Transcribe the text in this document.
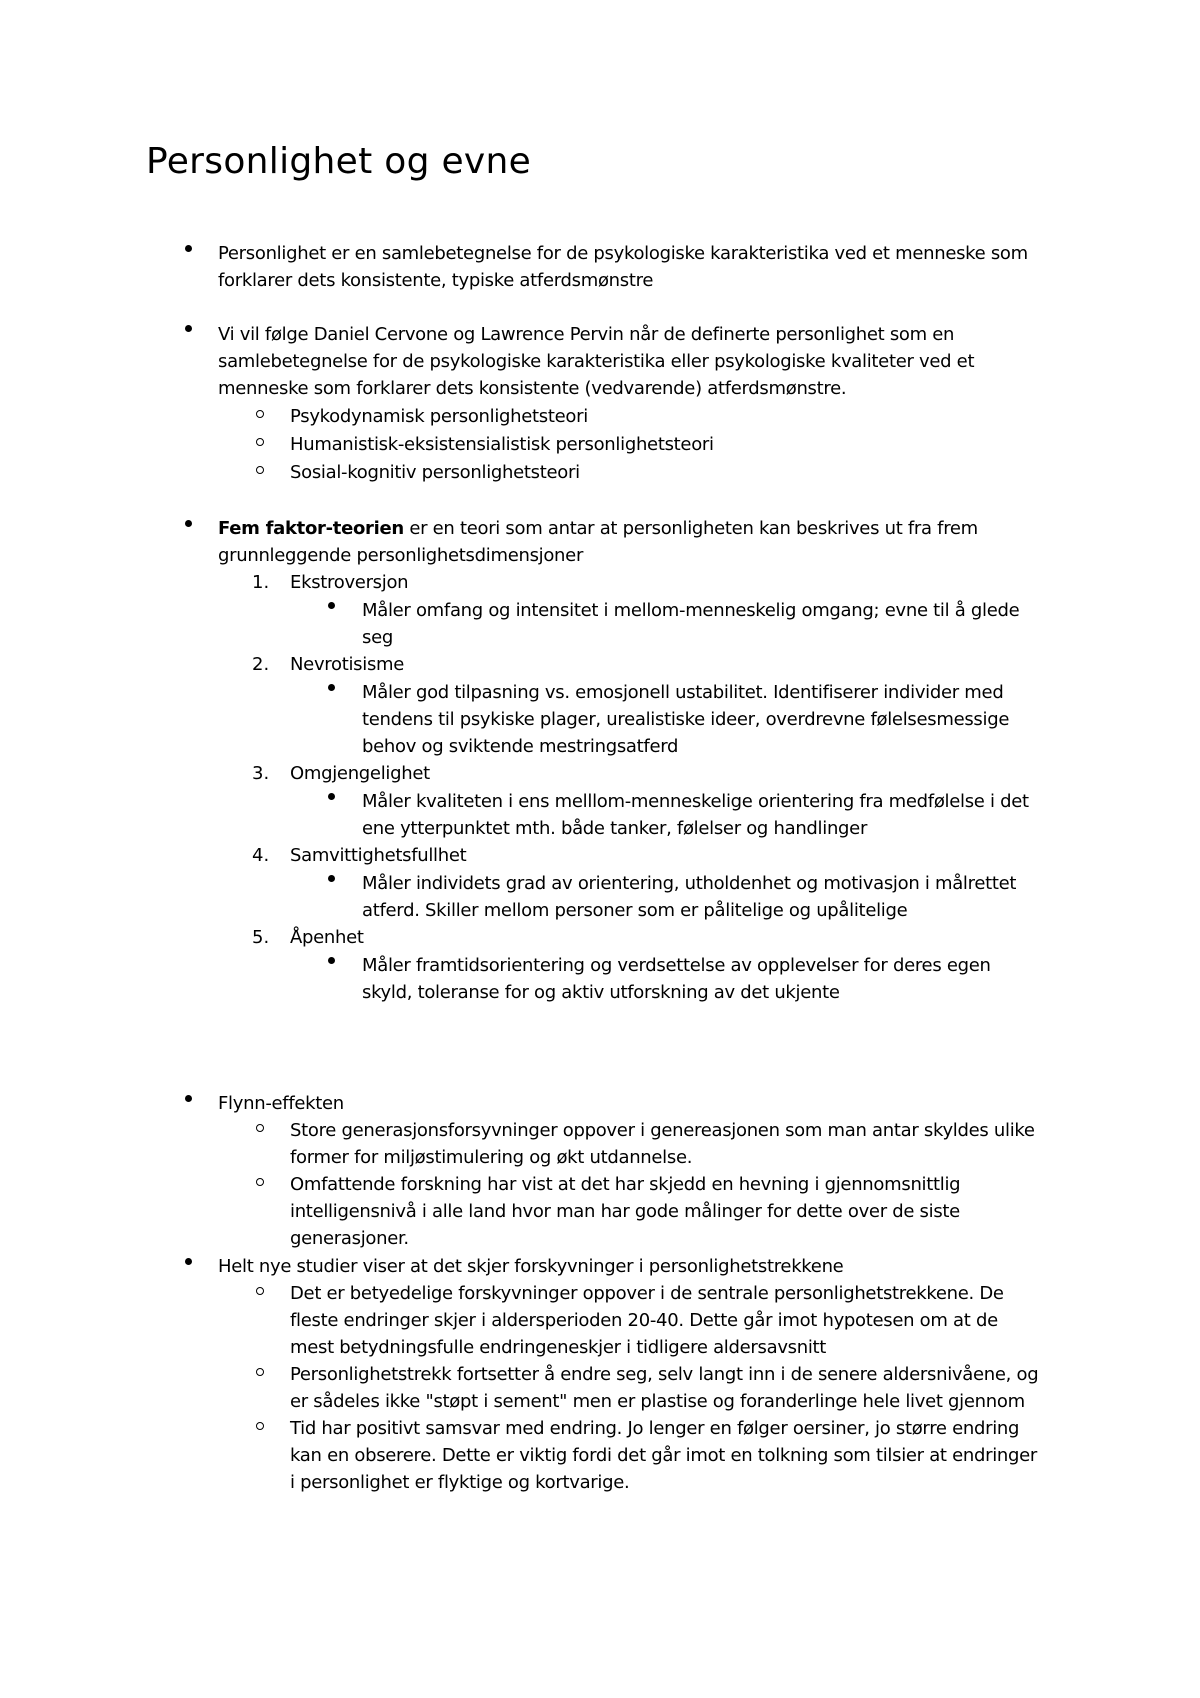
Personlighet og evne
Personlighet er en samlebetegnelse for de psykologiske karakteristika ved et menneske som
forklarer dets konsistente, typiske atferdsmønstre
Vi vil følge Daniel Cervone og Lawrence Pervin når de definerte personlighet som en
samlebetegnelse for de psykologiske karakteristika eller psykologiske kvaliteter ved et
menneske som forklarer dets konsistente (vedvarende) atferdsmønstre.
Psykodynamisk personlighetsteori
Humanistisk-eksistensialistisk personlighetsteori
Sosial-kognitiv personlighetsteori
Fem faktor-teorien er en teori som antar at personligheten kan beskrives ut fra frem
grunnleggende personlighetsdimensjoner
1. Ekstroversjon
Måler omfang og intensitet i mellom-menneskelig omgang; evne til å glede
seg
2. Nevrotisisme
Måler god tilpasning vs. emosjonell ustabilitet. Identifiserer individer med
tendens til psykiske plager, urealistiske ideer, overdrevne følelsesmessige
behov og sviktende mestringsatferd
3. Omgjengelighet
Måler kvaliteten i ens melllom-menneskelige orientering fra medfølelse i det
ene ytterpunktet mth. både tanker, følelser og handlinger
4. Samvittighetsfullhet
Måler individets grad av orientering, utholdenhet og motivasjon i målrettet
atferd. Skiller mellom personer som er pålitelige og upålitelige
5. Åpenhet
Måler framtidsorientering og verdsettelse av opplevelser for deres egen
skyld, toleranse for og aktiv utforskning av det ukjente
Flynn-effekten
Store generasjonsforsyvninger oppover i genereasjonen som man antar skyldes ulike
former for miljøstimulering og økt utdannelse.
Omfattende forskning har vist at det har skjedd en hevning i gjennomsnittlig
intelligensnivå i alle land hvor man har gode målinger for dette over de siste
generasjoner.
Helt nye studier viser at det skjer forskyvninger i personlighetstrekkene
Det er betyedelige forskyvninger oppover i de sentrale personlighetstrekkene. De
fleste endringer skjer i aldersperioden 20-40. Dette går imot hypotesen om at de
mest betydningsfulle endringeneskjer i tidligere aldersavsnitt
Personlighetstrekk fortsetter å endre seg, selv langt inn i de senere aldersnivåene, og
er sådeles ikke "støpt i sement" men er plastise og foranderlinge hele livet gjennom
Tid har positivt samsvar med endring. Jo lenger en følger oersiner, jo større endring
kan en obserere. Dette er viktig fordi det går imot en tolkning som tilsier at endringer
i personlighet er flyktige og kortvarige.
